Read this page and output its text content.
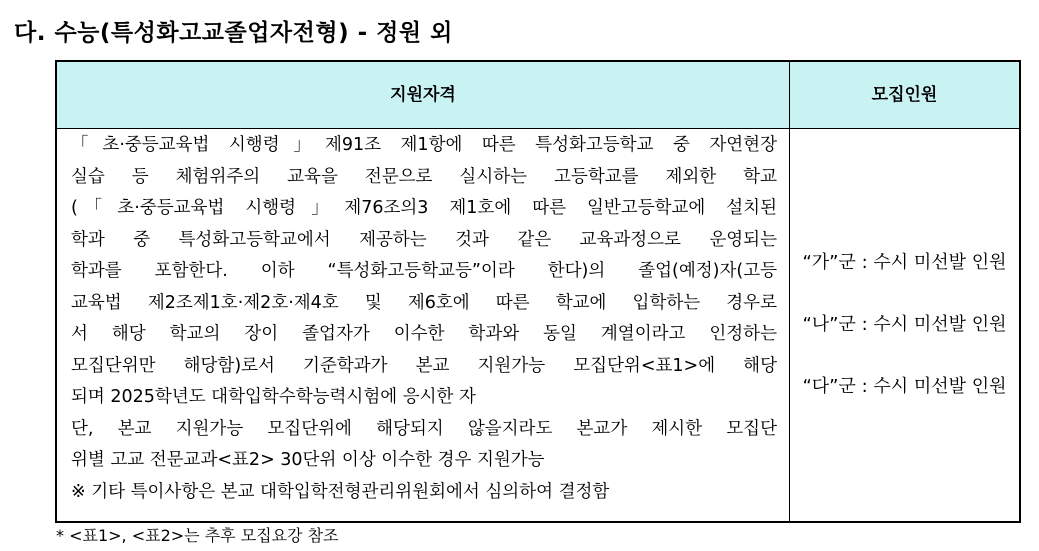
다. 수능(특성화고교졸업자전형) - 정원 외
지원자격	모집인원
「초·중등교육법 시행령」제91조 제1항에 따른 특성화고등학교 중 자연현장
실습 등 체험위주의 교육을 전문으로 실시하는 고등학교를 제외한 학교
(「초·중등교육법 시행령」제76조의3 제1호에 따른 일반고등학교에 설치된
학과 중 특성화고등학교에서 제공하는 것과 같은 교육과정으로 운영되는
학과를 포함한다. 이하 “특성화고등학교등”이라 한다)의 졸업(예정)자(고등
교육법 제2조제1호·제2호·제4호 및 제6호에 따른 학교에 입학하는 경우로
서 해당 학교의 장이 졸업자가 이수한 학과와 동일 계열이라고 인정하는
모집단위만 해당함)로서 기준학과가 본교 지원가능 모집단위<표1>에 해당
되며 2025학년도 대학입학수학능력시험에 응시한 자
단, 본교 지원가능 모집단위에 해당되지 않을지라도 본교가 제시한 모집단
위별 고교 전문교과<표2> 30단위 이상 이수한 경우 지원가능
※ 기타 특이사항은 본교 대학입학전형관리위원회에서 심의하여 결정함
“가”군 : 수시 미선발 인원
“나”군 : 수시 미선발 인원
“다”군 : 수시 미선발 인원
* <표1>, <표2>는 추후 모집요강 참조
